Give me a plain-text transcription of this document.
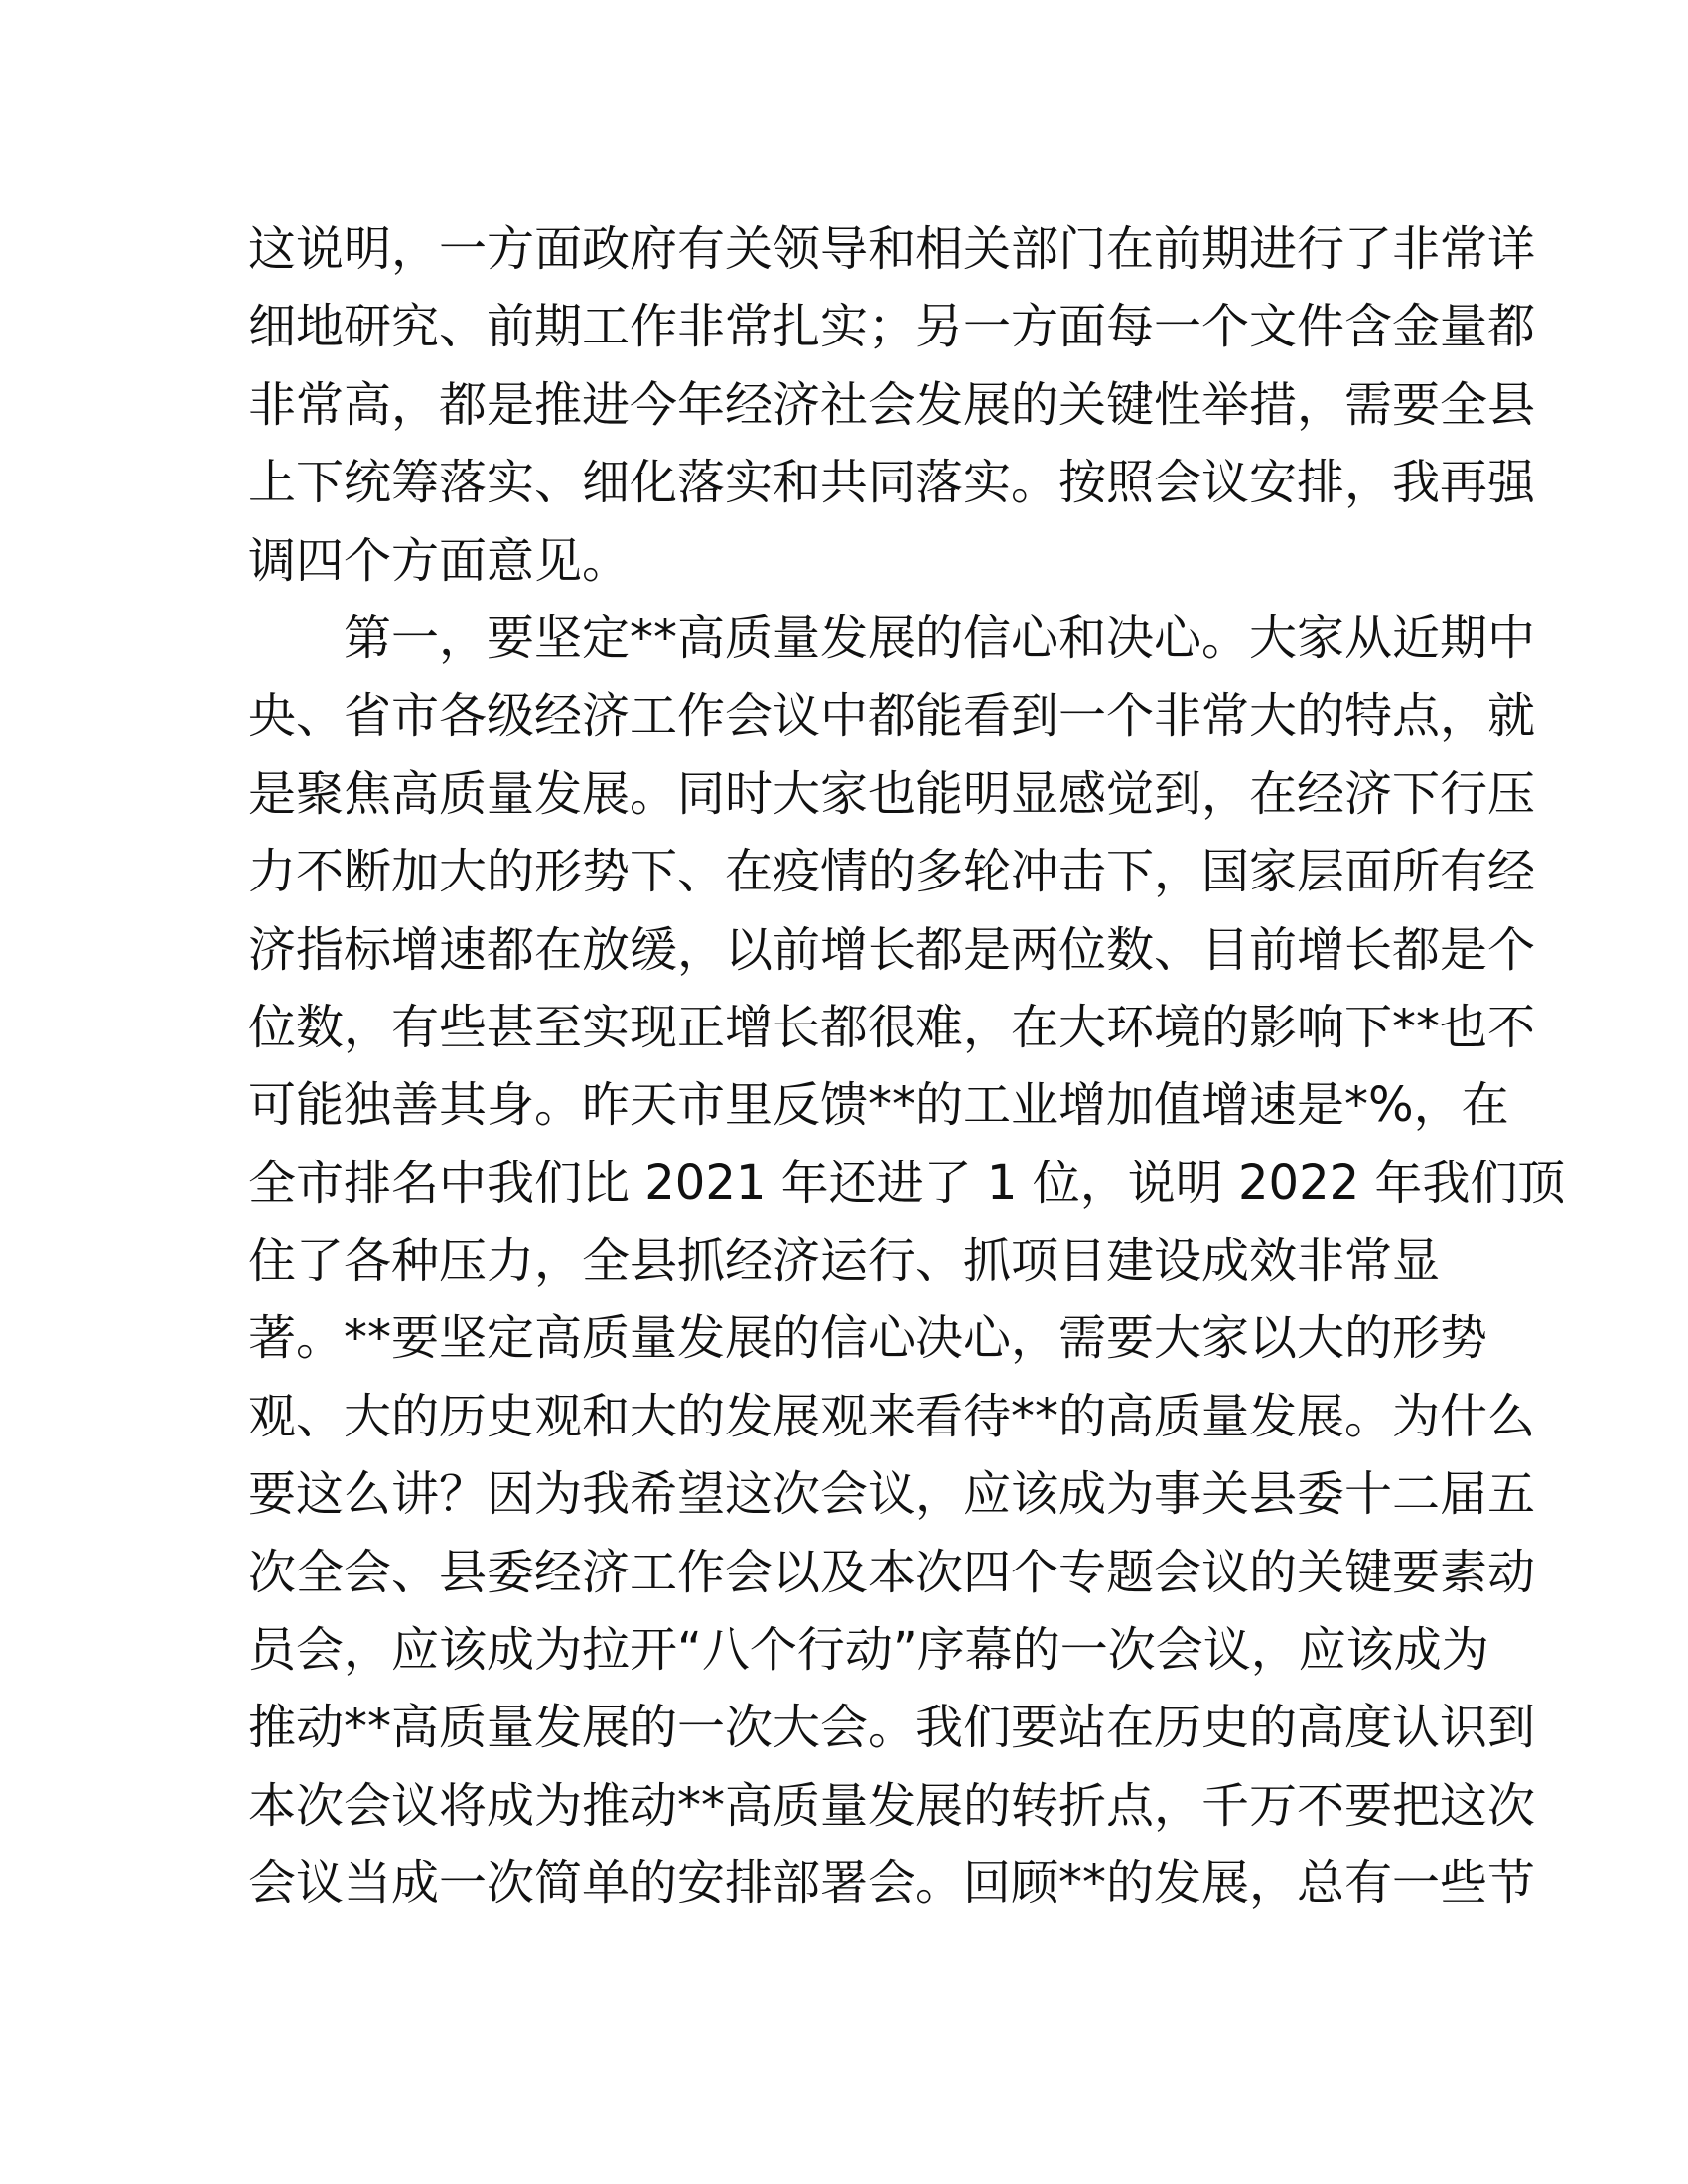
这说明，一方面政府有关领导和相关部门在前期进行了非常详
细地研究、前期工作非常扎实；另一方面每一个文件含金量都
非常高，都是推进今年经济社会发展的关键性举措，需要全县
上下统筹落实、细化落实和共同落实。按照会议安排，我再强
调四个方面意见。
第一，要坚定**高质量发展的信心和决心。大家从近期中
央、省市各级经济工作会议中都能看到一个非常大的特点，就
是聚焦高质量发展。同时大家也能明显感觉到，在经济下行压
力不断加大的形势下、在疫情的多轮冲击下，国家层面所有经
济指标增速都在放缓，以前增长都是两位数、目前增长都是个
位数，有些甚至实现正增长都很难，在大环境的影响下**也不
可能独善其身。昨天市里反馈**的工业增加值增速是*%，在
全市排名中我们比 2021 年还进了 1 位，说明 2022 年我们顶
住了各种压力，全县抓经济运行、抓项目建设成效非常显
著。**要坚定高质量发展的信心决心，需要大家以大的形势
观、大的历史观和大的发展观来看待**的高质量发展。为什么
要这么讲？因为我希望这次会议，应该成为事关县委十二届五
次全会、县委经济工作会以及本次四个专题会议的关键要素动
员会，应该成为拉开“八个行动”序幕的一次会议，应该成为
推动**高质量发展的一次大会。我们要站在历史的高度认识到
本次会议将成为推动**高质量发展的转折点，千万不要把这次
会议当成一次简单的安排部署会。回顾**的发展，总有一些节
